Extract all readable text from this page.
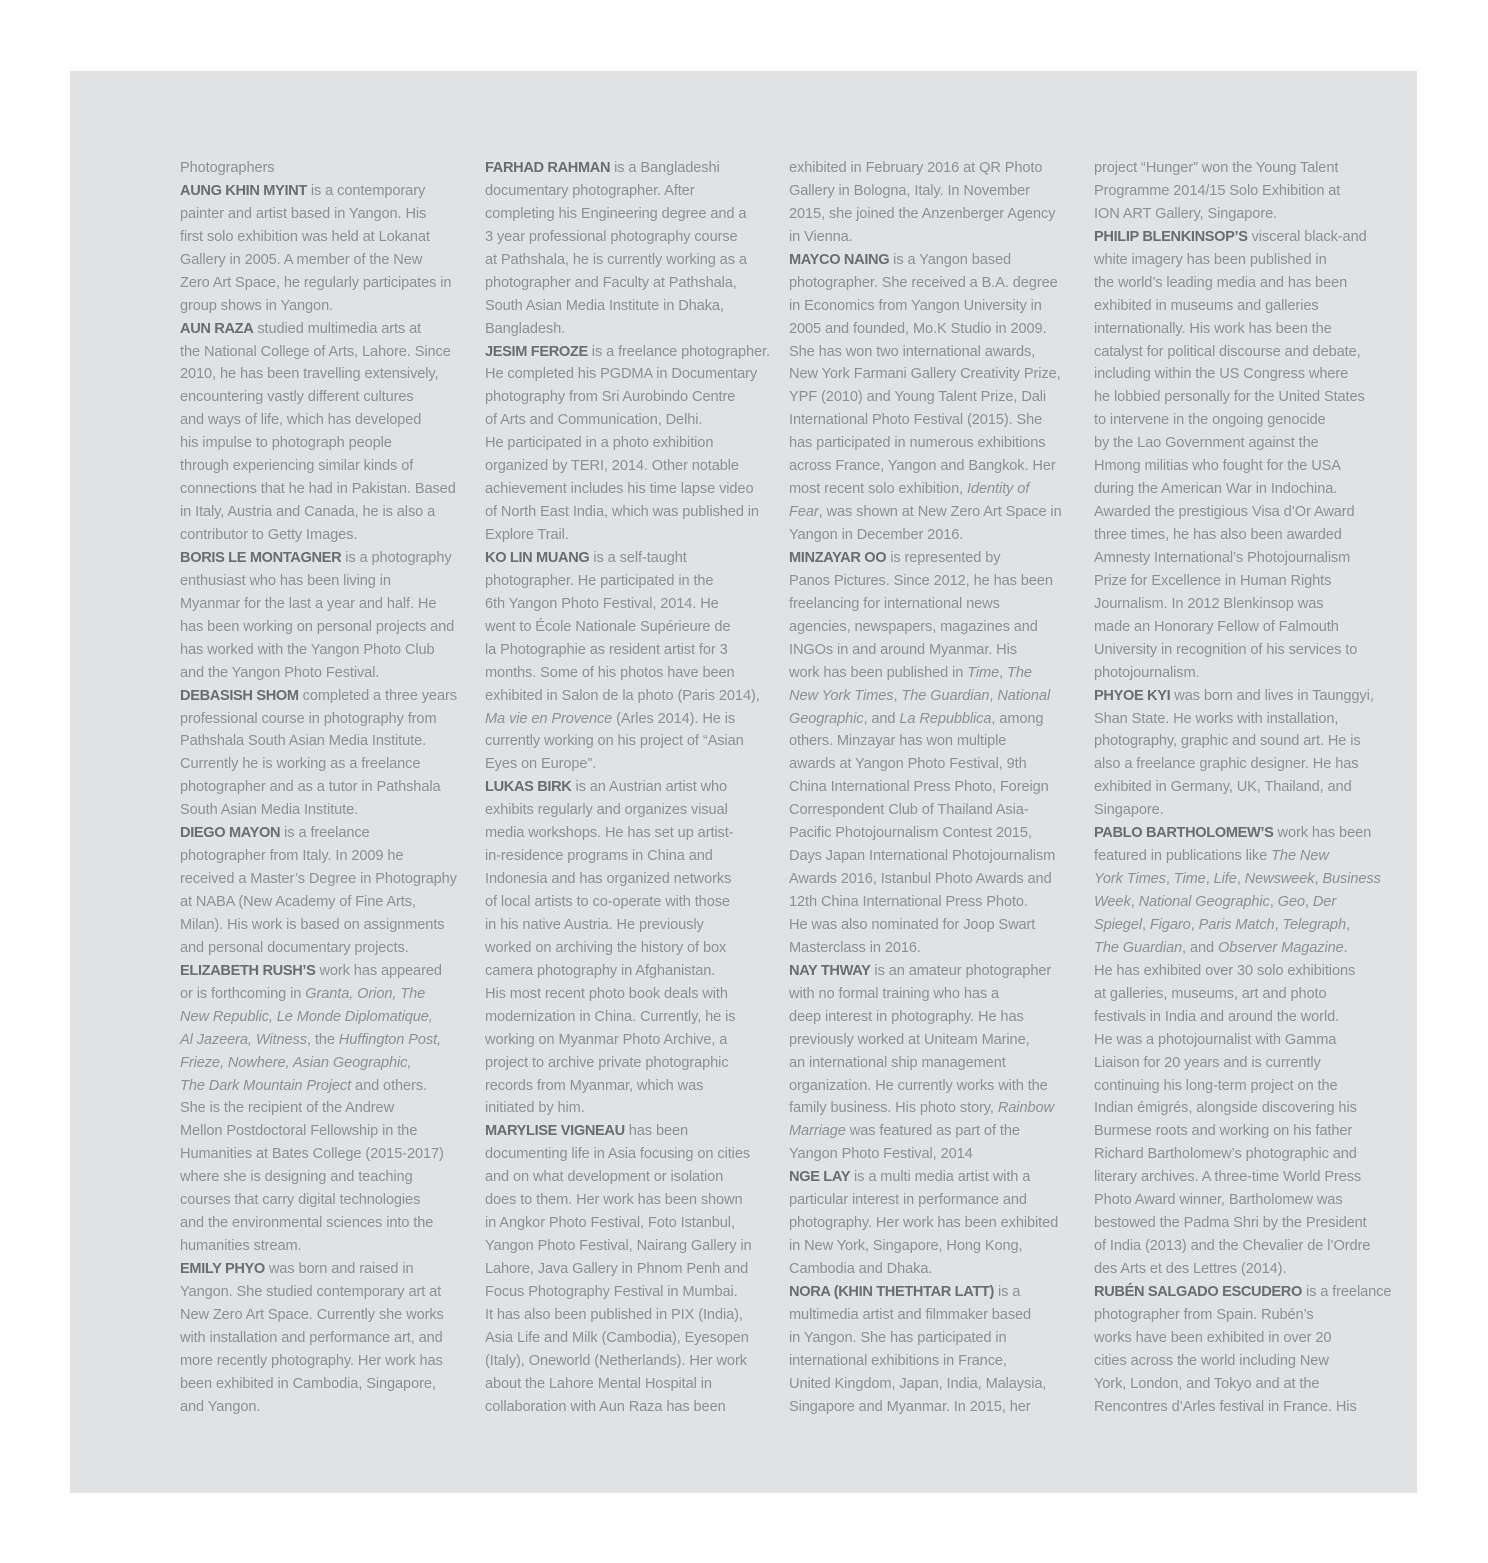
Photographers
AUNG KHIN MYINT is a contemporary
painter and artist based in Yangon. His
first solo exhibition was held at Lokanat
Gallery in 2005. A member of the New
Zero Art Space, he regularly participates in
group shows in Yangon.
AUN RAZA studied multimedia arts at
the National College of Arts, Lahore. Since
2010, he has been travelling extensively,
encountering vastly different cultures
and ways of life, which has developed
his impulse to photograph people
through experiencing similar kinds of
connections that he had in Pakistan. Based
in Italy, Austria and Canada, he is also a
contributor to Getty Images.
BORIS LE MONTAGNER is a photography
enthusiast who has been living in
Myanmar for the last a year and half. He
has been working on personal projects and
has worked with the Yangon Photo Club
and the Yangon Photo Festival.
DEBASISH SHOM completed a three years
professional course in photography from
Pathshala South Asian Media Institute.
Currently he is working as a freelance
photographer and as a tutor in Pathshala
South Asian Media Institute.
DIEGO MAYON is a freelance
photographer from Italy. In 2009 he
received a Master’s Degree in Photography
at NABA (New Academy of Fine Arts,
Milan). His work is based on assignments
and personal documentary projects.
ELIZABETH RUSH’S work has appeared
or is forthcoming in Granta, Orion, The
New Republic, Le Monde Diplomatique,
Al Jazeera, Witness, the Huffington Post,
Frieze, Nowhere, Asian Geographic,
The Dark Mountain Project and others.
She is the recipient of the Andrew
Mellon Postdoctoral Fellowship in the
Humanities at Bates College (2015-2017)
where she is designing and teaching
courses that carry digital technologies
and the environmental sciences into the
humanities stream.
EMILY PHYO was born and raised in
Yangon. She studied contemporary art at
New Zero Art Space. Currently she works
with installation and performance art, and
more recently photography. Her work has
been exhibited in Cambodia, Singapore,
and Yangon.
FARHAD RAHMAN is a Bangladeshi
documentary photographer. After
completing his Engineering degree and a
3 year professional photography course
at Pathshala, he is currently working as a
photographer and Faculty at Pathshala,
South Asian Media Institute in Dhaka,
Bangladesh.
JESIM FEROZE is a freelance photographer.
He completed his PGDMA in Documentary
photography from Sri Aurobindo Centre
of Arts and Communication, Delhi.
He participated in a photo exhibition
organized by TERI, 2014. Other notable
achievement includes his time lapse video
of North East India, which was published in
Explore Trail.
KO LIN MUANG is a self-taught
photographer. He participated in the
6th Yangon Photo Festival, 2014. He
went to École Nationale Supérieure de
la Photographie as resident artist for 3
months. Some of his photos have been
exhibited in Salon de la photo (Paris 2014),
Ma vie en Provence (Arles 2014). He is
currently working on his project of “Asian
Eyes on Europe”.
LUKAS BIRK is an Austrian artist who
exhibits regularly and organizes visual
media workshops. He has set up artist-
in-residence programs in China and
Indonesia and has organized networks
of local artists to co-operate with those
in his native Austria. He previously
worked on archiving the history of box
camera photography in Afghanistan.
His most recent photo book deals with
modernization in China. Currently, he is
working on Myanmar Photo Archive, a
project to archive private photographic
records from Myanmar, which was
initiated by him.
MARYLISE VIGNEAU has been
documenting life in Asia focusing on cities
and on what development or isolation
does to them. Her work has been shown
in Angkor Photo Festival, Foto Istanbul,
Yangon Photo Festival, Nairang Gallery in
Lahore, Java Gallery in Phnom Penh and
Focus Photography Festival in Mumbai.
It has also been published in PIX (India),
Asia Life and Milk (Cambodia), Eyesopen
(Italy), Oneworld (Netherlands). Her work
about the Lahore Mental Hospital in
collaboration with Aun Raza has been
exhibited in February 2016 at QR Photo
Gallery in Bologna, Italy. In November
2015, she joined the Anzenberger Agency
in Vienna.
MAYCO NAING is a Yangon based
photographer. She received a B.A. degree
in Economics from Yangon University in
2005 and founded, Mo.K Studio in 2009.
She has won two international awards,
New York Farmani Gallery Creativity Prize,
YPF (2010) and Young Talent Prize, Dali
International Photo Festival (2015). She
has participated in numerous exhibitions
across France, Yangon and Bangkok. Her
most recent solo exhibition, Identity of
Fear, was shown at New Zero Art Space in
Yangon in December 2016.
MINZAYAR OO is represented by
Panos Pictures. Since 2012, he has been
freelancing for international news
agencies, newspapers, magazines and
INGOs in and around Myanmar. His
work has been published in Time, The
New York Times, The Guardian, National
Geographic, and La Repubblica, among
others. Minzayar has won multiple
awards at Yangon Photo Festival, 9th
China International Press Photo, Foreign
Correspondent Club of Thailand Asia-
Pacific Photojournalism Contest 2015,
Days Japan International Photojournalism
Awards 2016, Istanbul Photo Awards and
12th China International Press Photo.
He was also nominated for Joop Swart
Masterclass in 2016.
NAY THWAY is an amateur photographer
with no formal training who has a
deep interest in photography. He has
previously worked at Uniteam Marine,
an international ship management
organization. He currently works with the
family business. His photo story, Rainbow
Marriage was featured as part of the
Yangon Photo Festival, 2014
NGE LAY is a multi media artist with a
particular interest in performance and
photography. Her work has been exhibited
in New York, Singapore, Hong Kong,
Cambodia and Dhaka.
NORA (KHIN THETHTAR LATT) is a
multimedia artist and filmmaker based
in Yangon. She has participated in
international exhibitions in France,
United Kingdom, Japan, India, Malaysia,
Singapore and Myanmar. In 2015, her
project “Hunger” won the Young Talent
Programme 2014/15 Solo Exhibition at
ION ART Gallery, Singapore.
PHILIP BLENKINSOP’S visceral black-and
white imagery has been published in
the world’s leading media and has been
exhibited in museums and galleries
internationally. His work has been the
catalyst for political discourse and debate,
including within the US Congress where
he lobbied personally for the United States
to intervene in the ongoing genocide
by the Lao Government against the
Hmong militias who fought for the USA
during the American War in Indochina.
Awarded the prestigious Visa d’Or Award
three times, he has also been awarded
Amnesty International’s Photojournalism
Prize for Excellence in Human Rights
Journalism. In 2012 Blenkinsop was
made an Honorary Fellow of Falmouth
University in recognition of his services to
photojournalism.
PHYOE KYI was born and lives in Taunggyi,
Shan State. He works with installation,
photography, graphic and sound art. He is
also a freelance graphic designer. He has
exhibited in Germany, UK, Thailand, and
Singapore.
PABLO BARTHOLOMEW’S work has been
featured in publications like The New
York Times, Time, Life, Newsweek, Business
Week, National Geographic, Geo, Der
Spiegel, Figaro, Paris Match, Telegraph,
The Guardian, and Observer Magazine.
He has exhibited over 30 solo exhibitions
at galleries, museums, art and photo
festivals in India and around the world.
He was a photojournalist with Gamma
Liaison for 20 years and is currently
continuing his long-term project on the
Indian émigrés, alongside discovering his
Burmese roots and working on his father
Richard Bartholomew’s photographic and
literary archives. A three-time World Press
Photo Award winner, Bartholomew was
bestowed the Padma Shri by the President
of India (2013) and the Chevalier de l’Ordre
des Arts et des Lettres (2014).
RUBÉN SALGADO ESCUDERO is a freelance
photographer from Spain. Rubén’s
works have been exhibited in over 20
cities across the world including New
York, London, and Tokyo and at the
Rencontres d’Arles festival in France. His
